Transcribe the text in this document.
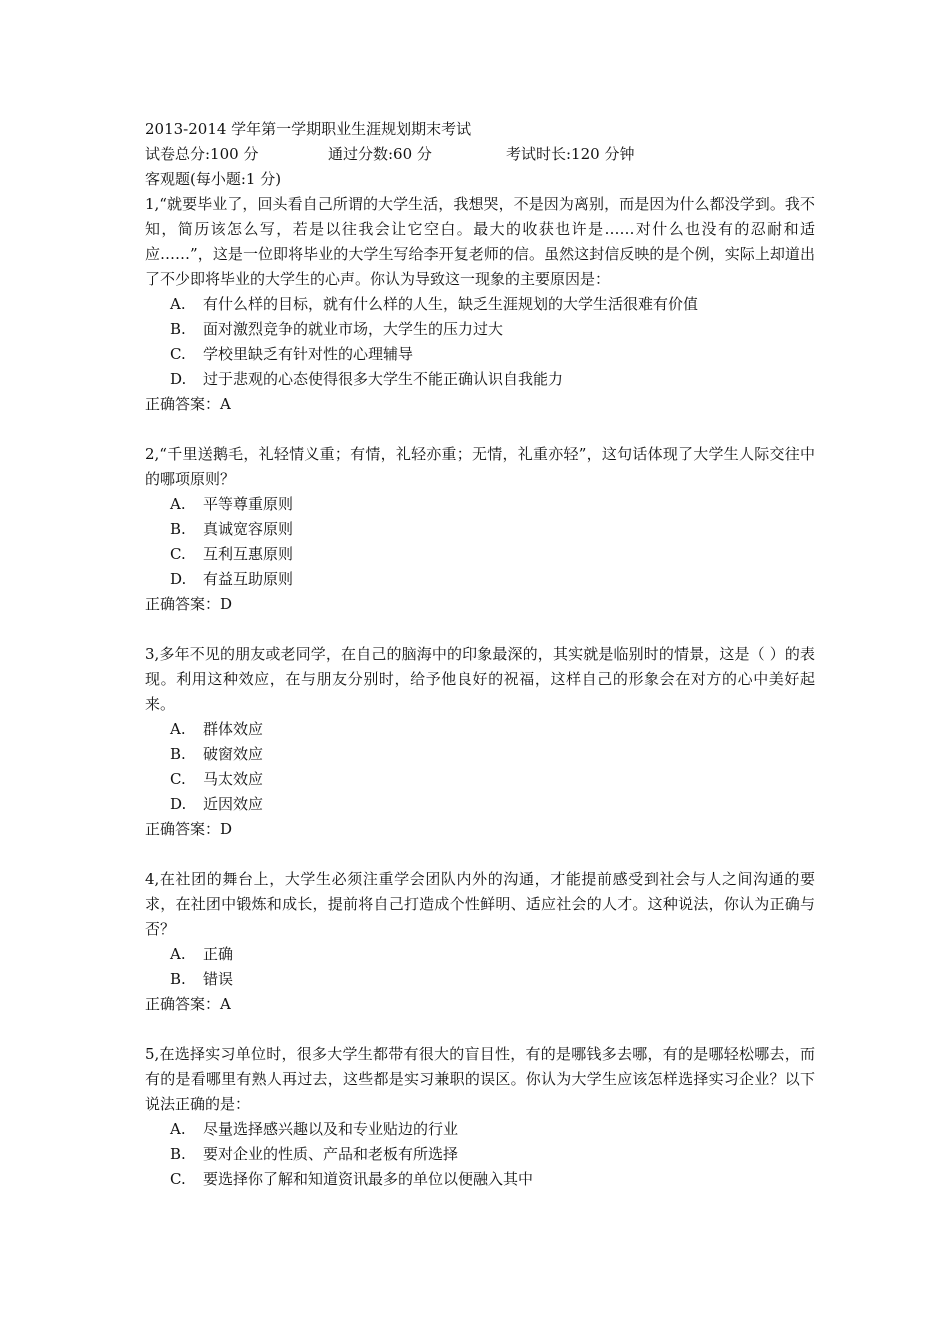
2013-2014 学年第一学期职业生涯规划期末考试
试卷总分:100 分	通过分数:60 分	考试时长:120 分钟
客观题(每小题:1 分)
1,“就要毕业了，回头看自己所谓的大学生活，我想哭，不是因为离别，而是因为什么都没学到。我不知，简历该怎么写，若是以往我会让它空白。最大的收获也许是……对什么也没有的忍耐和适应……”，这是一位即将毕业的大学生写给李开复老师的信。虽然这封信反映的是个例，实际上却道出了不少即将毕业的大学生的心声。你认为导致这一现象的主要原因是：
A.	有什么样的目标，就有什么样的人生，缺乏生涯规划的大学生活很难有价值
B.	面对激烈竞争的就业市场，大学生的压力过大
C.	学校里缺乏有针对性的心理辅导
D.	过于悲观的心态使得很多大学生不能正确认识自我能力
正确答案：A
2,“千里送鹅毛，礼轻情义重；有情，礼轻亦重；无情，礼重亦轻”，这句话体现了大学生人际交往中的哪项原则？
A.	平等尊重原则
B.	真诚宽容原则
C.	互利互惠原则
D.	有益互助原则
正确答案：D
3,多年不见的朋友或老同学，在自己的脑海中的印象最深的，其实就是临别时的情景，这是（ ）的表现。利用这种效应，在与朋友分别时，给予他良好的祝福，这样自己的形象会在对方的心中美好起来。
A.	群体效应
B.	破窗效应
C.	马太效应
D.	近因效应
正确答案：D
4,在社团的舞台上，大学生必须注重学会团队内外的沟通，才能提前感受到社会与人之间沟通的要求，在社团中锻炼和成长，提前将自己打造成个性鲜明、适应社会的人才。这种说法，你认为正确与否？
A.	正确
B.	错误
正确答案：A
5,在选择实习单位时，很多大学生都带有很大的盲目性，有的是哪钱多去哪，有的是哪轻松哪去，而有的是看哪里有熟人再过去，这些都是实习兼职的误区。你认为大学生应该怎样选择实习企业？以下说法正确的是：
A.	尽量选择感兴趣以及和专业贴边的行业
B.	要对企业的性质、产品和老板有所选择
C.	要选择你了解和知道资讯最多的单位以便融入其中
